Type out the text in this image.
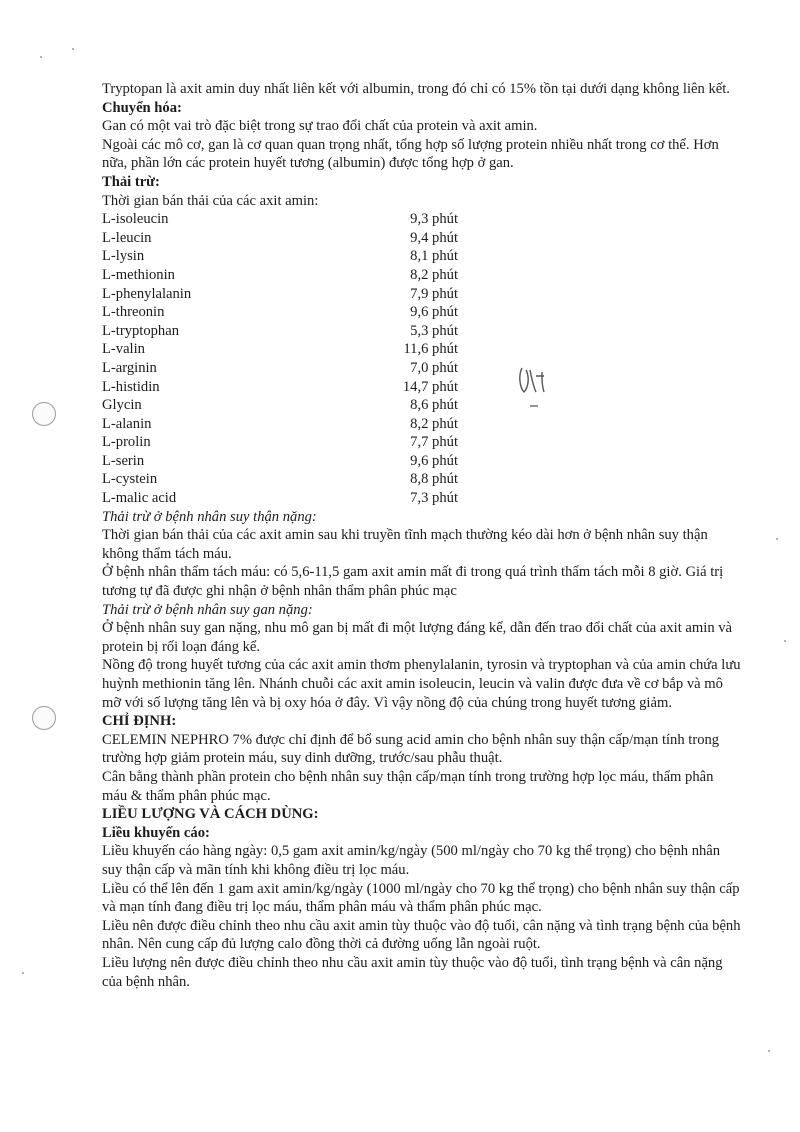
Tryptopan là axit amin duy nhất liên kết với albumin, trong đó chỉ có 15% tồn tại dưới dạng không liên kết.

Chuyển hóa:

Gan có một vai trò đặc biệt trong sự trao đổi chất của protein và axit amin.

Ngoài các mô cơ, gan là cơ quan quan trọng nhất, tổng hợp số lượng protein nhiều nhất trong cơ thể. Hơn nữa, phần lớn các protein huyết tương (albumin) được tổng hợp ở gan.

Thải trừ:

Thời gian bán thải của các axit amin:

L-isoleucin	9,3 phút
L-leucin	9,4 phút
L-lysin	8,1 phút
L-methionin	8,2 phút
L-phenylalanin	7,9 phút
L-threonin	9,6 phút
L-tryptophan	5,3 phút
L-valin	11,6 phút
L-arginin	7,0 phút
L-histidin	14,7 phút
Glycin	8,6 phút
L-alanin	8,2 phút
L-prolin	7,7 phút
L-serin	9,6 phút
L-cystein	8,8 phút
L-malic acid	7,3 phút

Thải trừ ở bệnh nhân suy thận nặng:

Thời gian bán thải của các axit amin sau khi truyền tĩnh mạch thường kéo dài hơn ở bệnh nhân suy thận không thẩm tách máu.

Ở bệnh nhân thẩm tách máu: có 5,6-11,5 gam axit amin mất đi trong quá trình thẩm tách mỗi 8 giờ. Giá trị tương tự đã được ghi nhận ở bệnh nhân thẩm phân phúc mạc

Thải trừ ở bệnh nhân suy gan nặng:

Ở bệnh nhân suy gan nặng, nhu mô gan bị mất đi một lượng đáng kể, dẫn đến trao đổi chất của axit amin và protein bị rối loạn đáng kể.

Nồng độ trong huyết tương của các axit amin thơm phenylalanin, tyrosin và tryptophan và của amin chứa lưu huỳnh methionin tăng lên. Nhánh chuỗi các axit amin isoleucin, leucin và valin được đưa về cơ bắp và mô mỡ với số lượng tăng lên và bị oxy hóa ở đây. Vì vậy nồng độ của chúng trong huyết tương giảm.

CHỈ ĐỊNH:

CELEMIN NEPHRO 7% được chỉ định để bổ sung acid amin cho bệnh nhân suy thận cấp/mạn tính trong trường hợp giảm protein máu, suy dinh dưỡng, trước/sau phẫu thuật.

Cân bằng thành phần protein cho bệnh nhân suy thận cấp/mạn tính trong trường hợp lọc máu, thẩm phân máu & thẩm phân phúc mạc.

LIỀU LƯỢNG VÀ CÁCH DÙNG:

Liều khuyến cáo:

Liều khuyến cáo hàng ngày: 0,5 gam axit amin/kg/ngày (500 ml/ngày cho 70 kg thể trọng) cho bệnh nhân suy thận cấp và mãn tính khi không điều trị lọc máu.

Liều có thể lên đến 1 gam axit amin/kg/ngày (1000 ml/ngày cho 70 kg thể trọng) cho bệnh nhân suy thận cấp và mạn tính đang điều trị lọc máu, thẩm phân máu và thẩm phân phúc mạc.

Liều nên được điều chỉnh theo nhu cầu axit amin tùy thuộc vào độ tuổi, cân nặng và tình trạng bệnh của bệnh nhân. Nên cung cấp đủ lượng calo đồng thời cả đường uống lẫn ngoài ruột.

Liều lượng nên được điều chỉnh theo nhu cầu axit amin tùy thuộc vào độ tuổi, tình trạng bệnh và cân nặng của bệnh nhân.
